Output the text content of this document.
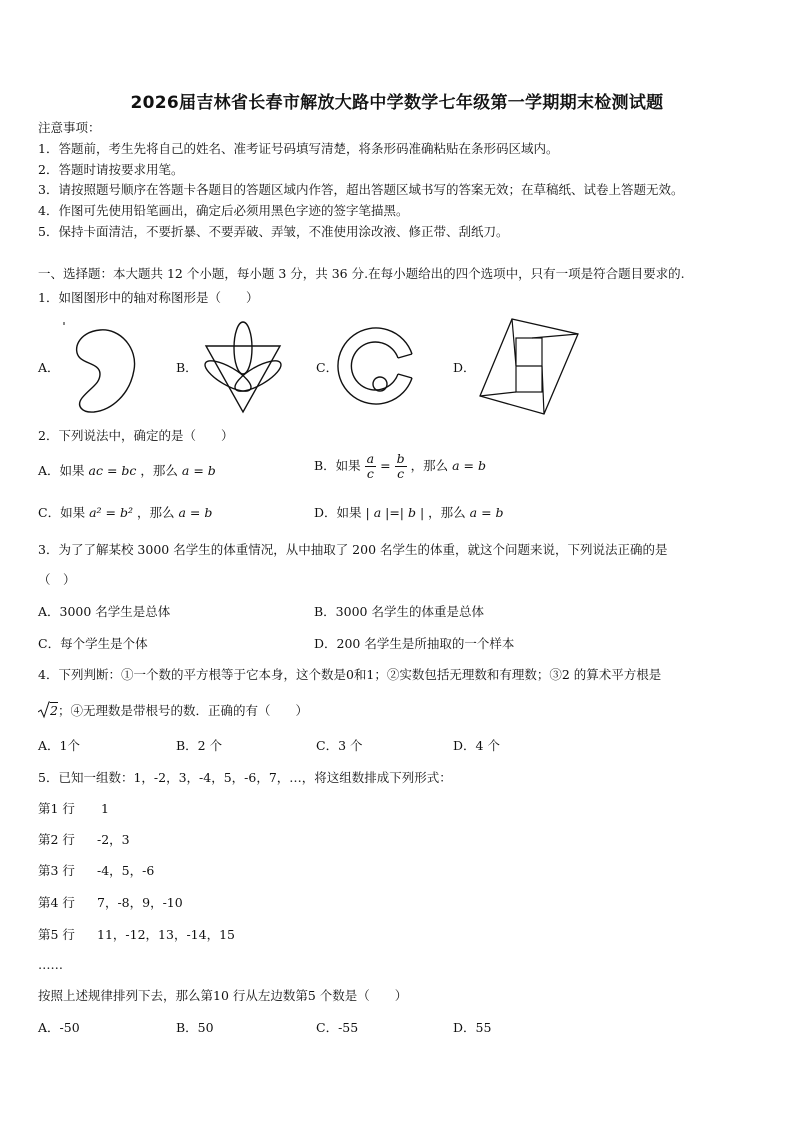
2026届吉林省长春市解放大路中学数学七年级第一学期期末检测试题
注意事项：
1．答题前，考生先将自己的姓名、准考证号码填写清楚，将条形码准确粘贴在条形码区域内。
2．答题时请按要求用笔。
3．请按照题号顺序在答题卡各题目的答题区域内作答，超出答题区域书写的答案无效；在草稿纸、试卷上答题无效。
4．作图可先使用铅笔画出，确定后必须用黑色字迹的签字笔描黑。
5．保持卡面清洁，不要折暴、不要弄破、弄皱，不准使用涂改液、修正带、刮纸刀。
一、选择题：本大题共 12 个小题，每小题 3 分，共 36 分.在每小题给出的四个选项中，只有一项是符合题目要求的.
1．如图图形中的轴对称图形是（　　）
A．	B．	C．	D．
2．下列说法中，确定的是（　　）
A．如果 ac = bc ，那么 a = b	B．如果 $\frac{a}{c} = \frac{b}{c}$ ，那么 a = b
C．如果 a² = b² ，那么 a = b	D．如果 | a |=| b | ，那么 a = b
3．为了了解某校 3000 名学生的体重情况，从中抽取了 200 名学生的体重，就这个问题来说，下列说法正确的是
（　）
A．3000 名学生是总体	B．3000 名学生的体重是总体
C．每个学生是个体	D．200 名学生是所抽取的一个样本
4．下列判断：①一个数的平方根等于它本身，这个数是0和1；②实数包括无理数和有理数；③2 的算术平方根是
2；④无理数是带根号的数．正确的有（　　）
A．1个	B．2 个	C．3 个	D．4 个
5．已知一组数：1，-2，3，-4，5，-6，7，…，将这组数排成下列形式：
第1 行 1
第2 行 -2，3
第3 行 -4，5，-6
第4 行 7，-8，9，-10
第5 行 11，-12，13，-14，15
……
按照上述规律排列下去，那么第10 行从左边数第5 个数是（　　）
A．-50	B．50	C．-55	D．55
